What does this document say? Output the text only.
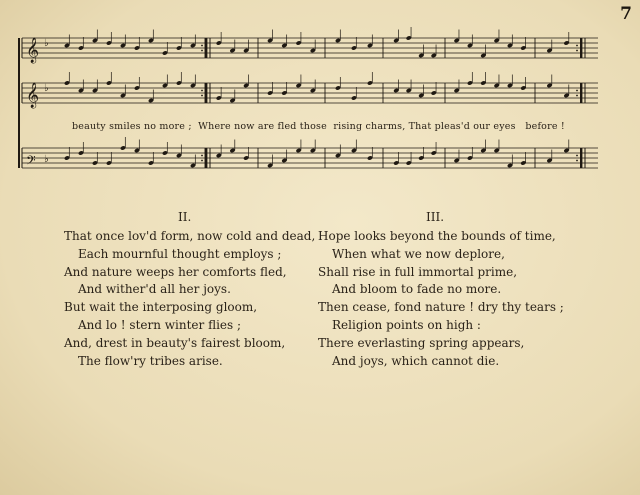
7
𝄞 ♭
𝄞 ♭
𝄢 ♭
beauty smiles no more ;  Where now are fled those  rising charms, That pleas'd our eyes   before !
II.
That once lov'd form, now cold and dead,
Each mournful thought employs ;
And nature weeps her comforts fled,
And wither'd all her joys.
But wait the interposing gloom,
And lo ! stern winter flies ;
And, drest in beauty's fairest bloom,
The flow'ry tribes arise.
III.
Hope looks beyond the bounds of time,
When what we now deplore,
Shall rise in full immortal prime,
And bloom to fade no more.
Then cease, fond nature ! dry thy tears ;
Religion points on high :
There everlasting spring appears,
And joys, which cannot die.
